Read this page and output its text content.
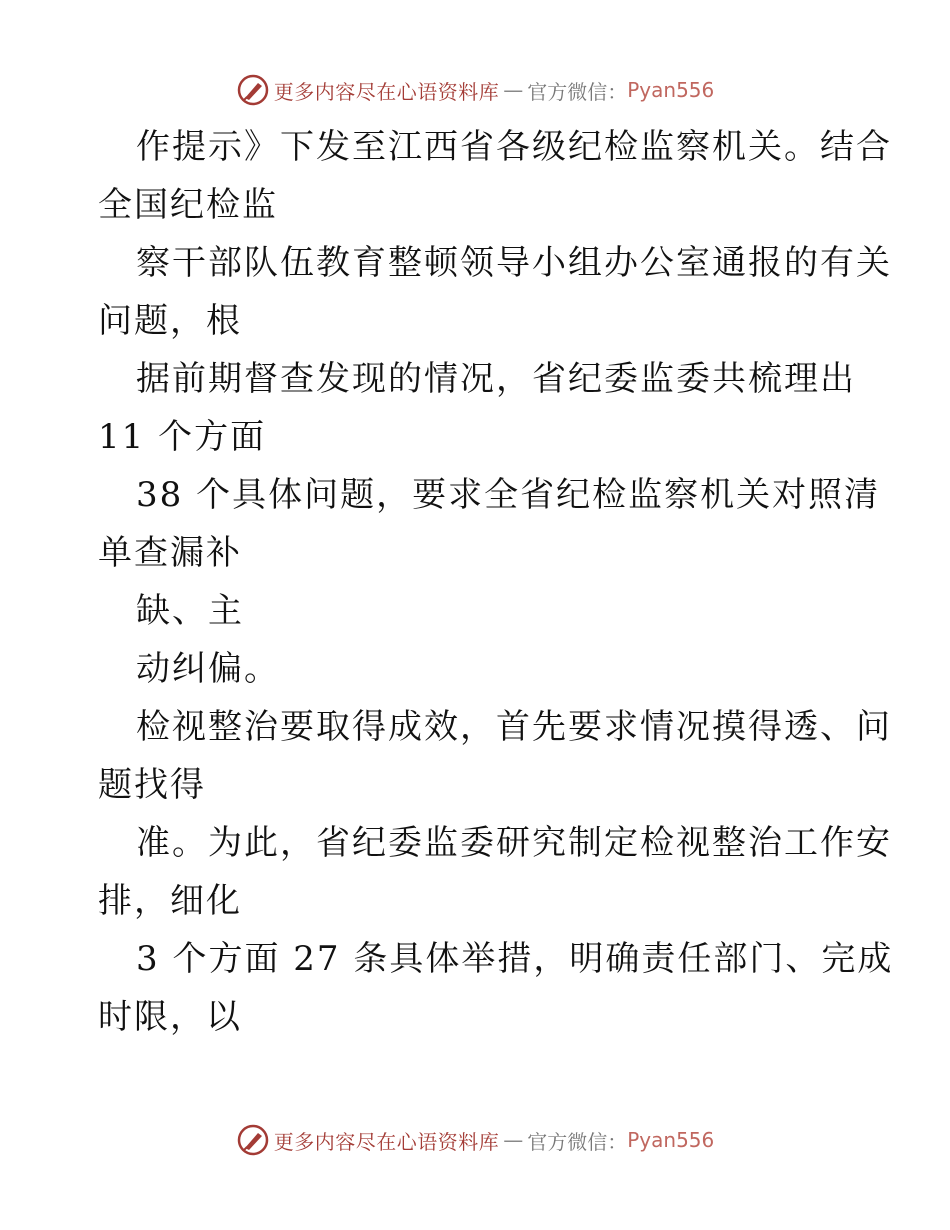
更多内容尽在心语资料库 — 官方微信： Pyan556
作提示》下发至江西省各级纪检监察机关。结合
全国纪检监
察干部队伍教育整顿领导小组办公室通报的有关
问题，根
据前期督查发现的情况，省纪委监委共梳理出
11 个方面
38 个具体问题，要求全省纪检监察机关对照清
单查漏补
缺、主
动纠偏。
检视整治要取得成效，首先要求情况摸得透、问
题找得
准。为此，省纪委监委研究制定检视整治工作安
排，细化
3 个方面 27 条具体举措，明确责任部门、完成
时限，以
更多内容尽在心语资料库 — 官方微信： Pyan556
